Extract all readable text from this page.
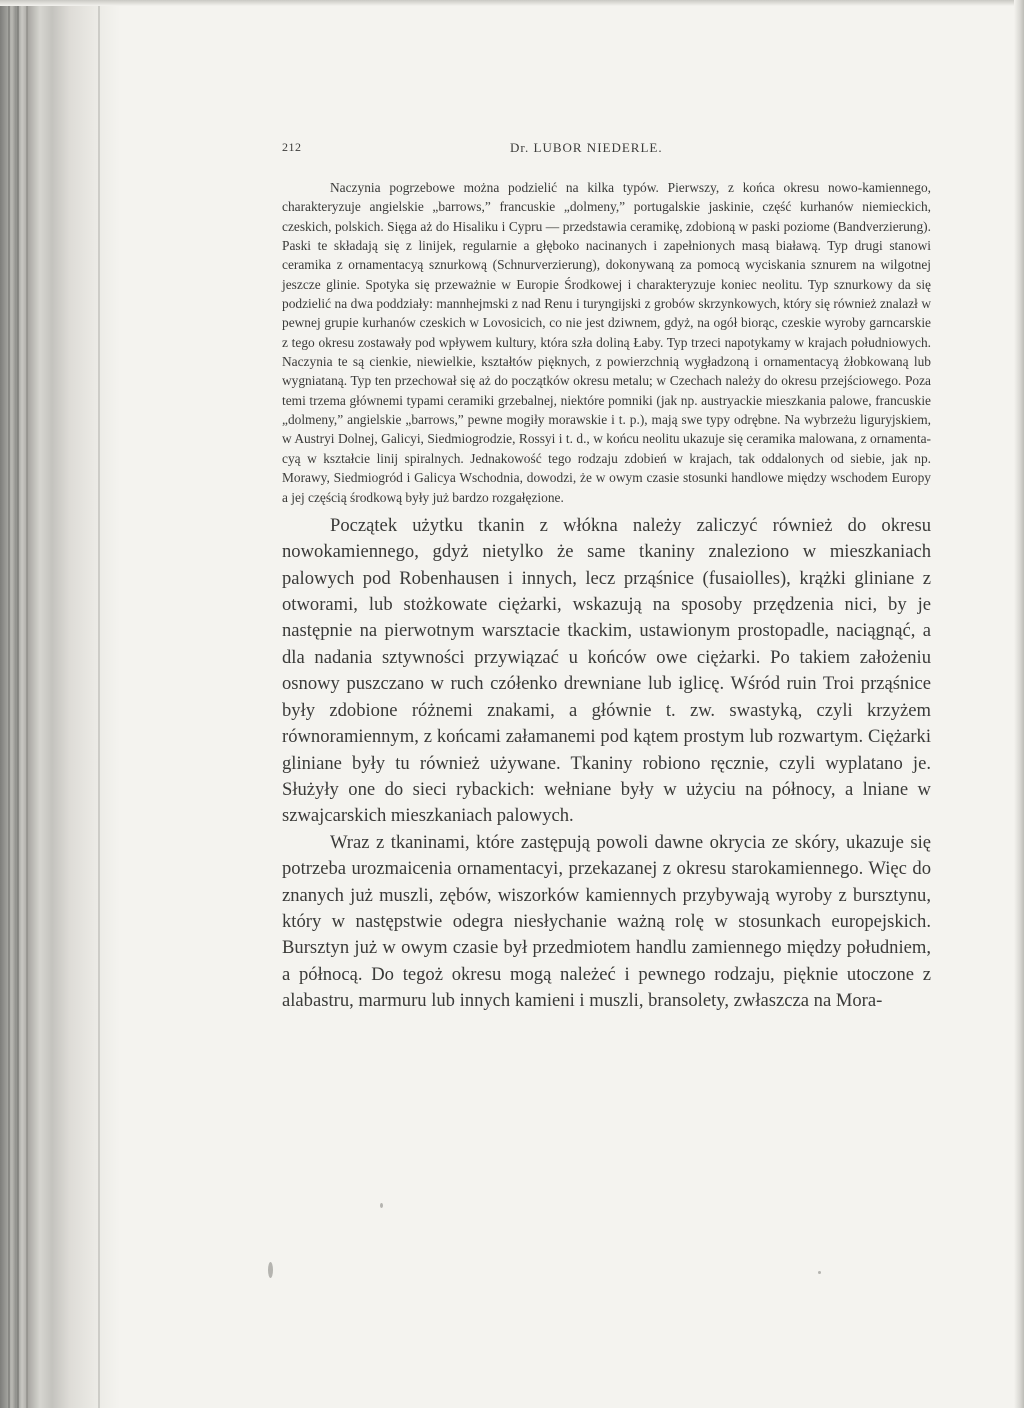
212	Dr. LUBOR NIEDERLE.

Naczynia pogrzebowe można podzielić na kilka typów. Pierwszy, z końca okresu nowo-kamiennego, charakteryzuje angielskie „barrows,” francuskie „dolmeny,” portugalskie jaskinie, część kurhanów niemieckich, czeskich, polskich. Sięga aż do Hisaliku i Cypru — przedstawia ceramikę, zdobioną w paski poziome (Bandverzierung). Paski te składają się z linijek, regularnie a głęboko nacinanych i zapełnionych masą białawą. Typ drugi stanowi ceramika z ornamentacyą sznurkową (Schnurverzierung), dokonywaną za pomocą wyciskania sznurem na wilgotnej jeszcze glinie. Spotyka się przeważnie w Europie Środkowej i charakteryzuje koniec neolitu. Typ sznurkowy da się podzielić na dwa poddziały: mannhejmski z nad Renu i turyngijski z grobów skrzynkowych, który się również znalazł w pewnej grupie kurhanów czeskich w Lovosicich, co nie jest dziwnem, gdyż, na ogół biorąc, czeskie wyroby garncarskie z tego okresu zostawały pod wpływem kultury, która szła doliną Łaby. Typ trzeci napotykamy w krajach południowych. Naczynia te są cienkie, niewielkie, kształtów pięknych, z powierzchnią wygładzoną i ornamentacyą żłobkowaną lub wygniataną. Typ ten przechował się aż do początków okresu metalu; w Czechach należy do okresu przejściowego. Poza temi trzema głównemi typami ceramiki grzebalnej, niektóre pomniki (jak np. austryackie mieszkania palowe, francuskie „dolmeny,” angielskie „barrows,” pewne mogiły morawskie i t. p.), mają swe typy odrębne. Na wybrzeżu liguryjskiem, w Austryi Dolnej, Galicyi, Siedmiogrodzie, Rossyi i t. d., w końcu neolitu ukazuje się ceramika malowana, z ornamentacyą w kształcie linij spiralnych. Jednakowość tego rodzaju zdobień w krajach, tak oddalonych od siebie, jak np. Morawy, Siedmiogród i Galicya Wschodnia, dowodzi, że w owym czasie stosunki handlowe między wschodem Europy a jej częścią środkową były już bardzo rozgałęzione.

Początek użytku tkanin z włókna należy zaliczyć również do okresu nowokamiennego, gdyż nietylko że same tkaniny znaleziono w mieszkaniach palowych pod Robenhausen i innych, lecz prząśnice (fusaiolles), krążki gliniane z otworami, lub stożkowate ciężarki, wskazują na sposoby przędzenia nici, by je następnie na pierwotnym warsztacie tkackim, ustawionym prostopadle, naciągnąć, a dla nadania sztywności przywiązać u końców owe ciężarki. Po takiem założeniu osnowy puszczano w ruch czółenko drewniane lub iglicę. Wśród ruin Troi prząśnice były zdobione różnemi znakami, a głównie t. zw. swastyką, czyli krzyżem równoramiennym, z końcami załamanemi pod kątem prostym lub rozwartym. Ciężarki gliniane były tu również używane. Tkaniny robiono ręcznie, czyli wyplatano je. Służyły one do sieci rybackich: wełniane były w użyciu na północy, a lniane w szwajcarskich mieszkaniach palowych.

Wraz z tkaninami, które zastępują powoli dawne okrycia ze skóry, ukazuje się potrzeba urozmaicenia ornamentacyi, przekazanej z okresu starokamiennego. Więc do znanych już muszli, zębów, wiszorków kamiennych przybywają wyroby z bursztynu, który w następstwie odegra niesłychanie ważną rolę w stosunkach europejskich. Bursztyn już w owym czasie był przedmiotem handlu zamiennego między południem, a północą. Do tegoż okresu mogą należeć i pewnego rodzaju, pięknie utoczone z alabastru, marmuru lub innych kamieni i muszli, bransolety, zwłaszcza na Mora-
